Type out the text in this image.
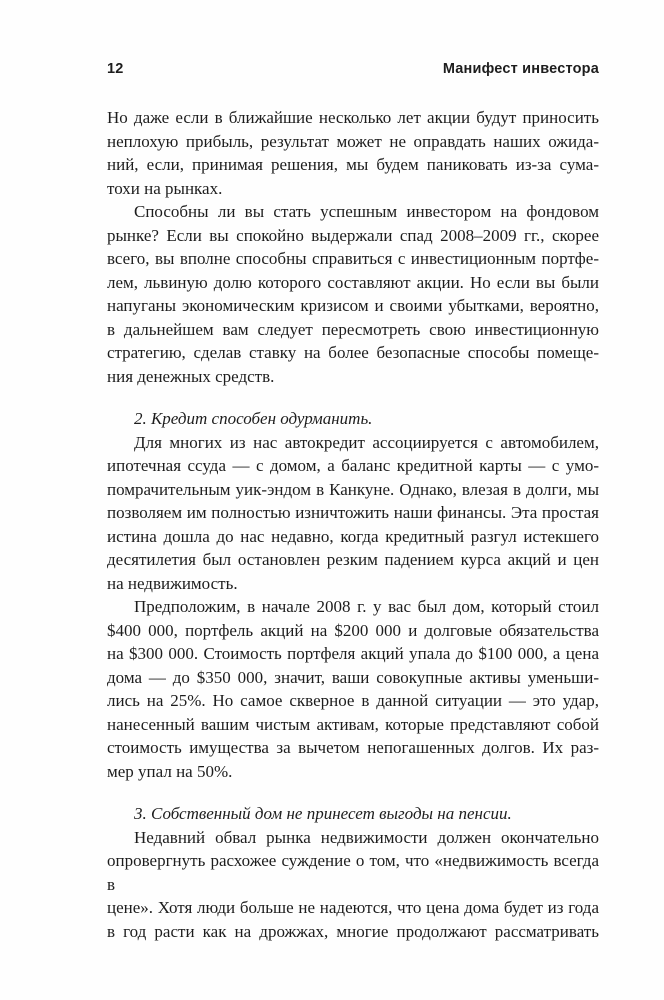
12	Манифест инвестора
Но даже если в ближайшие несколько лет акции будут приносить
неплохую прибыль, результат может не оправдать наших ожида-
ний, если, принимая решения, мы будем паниковать из-за сума-
тохи на рынках.
Способны ли вы стать успешным инвестором на фондовом
рынке? Если вы спокойно выдержали спад 2008–2009 гг., скорее
всего, вы вполне способны справиться с инвестиционным портфе-
лем, львиную долю которого составляют акции. Но если вы были
напуганы экономическим кризисом и своими убытками, вероятно,
в дальнейшем вам следует пересмотреть свою инвестиционную
стратегию, сделав ставку на более безопасные способы помеще-
ния денежных средств.
2. Кредит способен одурманить.
Для многих из нас автокредит ассоциируется с автомобилем,
ипотечная ссуда — с домом, а баланс кредитной карты — с умо-
помрачительным уик-эндом в Канкуне. Однако, влезая в долги, мы
позволяем им полностью изничтожить наши финансы. Эта простая
истина дошла до нас недавно, когда кредитный разгул истекшего
десятилетия был остановлен резким падением курса акций и цен
на недвижимость.
Предположим, в начале 2008 г. у вас был дом, который стоил
$400 000, портфель акций на $200 000 и долговые обязательства
на $300 000. Стоимость портфеля акций упала до $100 000, а цена
дома — до $350 000, значит, ваши совокупные активы уменьши-
лись на 25%. Но самое скверное в данной ситуации — это удар,
нанесенный вашим чистым активам, которые представляют собой
стоимость имущества за вычетом непогашенных долгов. Их раз-
мер упал на 50%.
3. Собственный дом не принесет выгоды на пенсии.
Недавний обвал рынка недвижимости должен окончательно
опровергнуть расхожее суждение о том, что «недвижимость всегда в
цене». Хотя люди больше не надеются, что цена дома будет из года
в год расти как на дрожжах, многие продолжают рассматривать
